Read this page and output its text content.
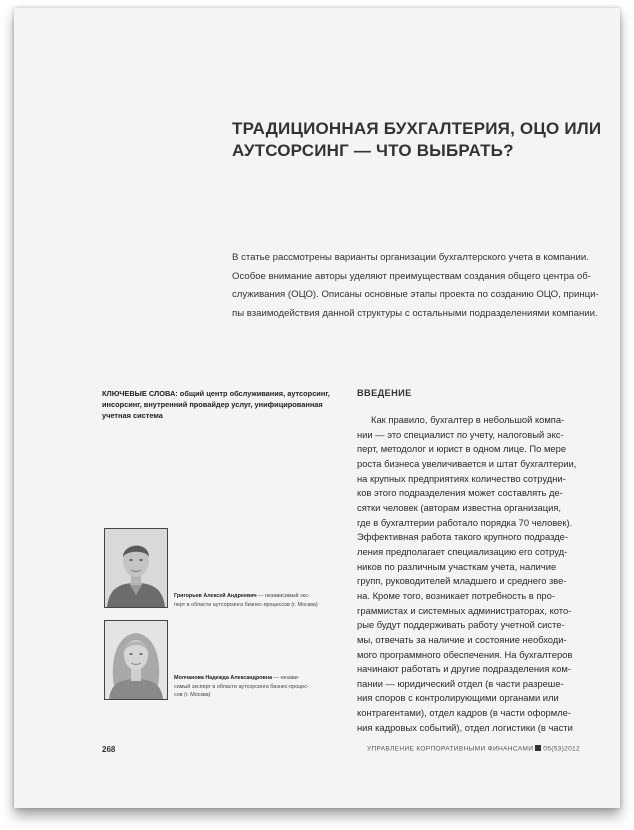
ТРАДИЦИОННАЯ БУХГАЛТЕРИЯ, ОЦО ИЛИ
АУТСОРСИНГ — ЧТО ВЫБРАТЬ?
В статье рассмотрены варианты организации бухгалтерского учета в компании.
Особое внимание авторы уделяют преимуществам создания общего центра об-
служивания (ОЦО). Описаны основные этапы проекта по созданию ОЦО, принци-
пы взаимодействия данной структуры с остальными подразделениями компании.
КЛЮЧЕВЫЕ СЛОВА: общий центр обслуживания, аутсорсинг,
инсорсинг, внутренний провайдер услуг, унифицированная
учетная система
ВВЕДЕНИЕ
Как правило, бухгалтер в небольшой компа-
нии — это специалист по учету, налоговый экс-
перт, методолог и юрист в одном лице. По мере
роста бизнеса увеличивается и штат бухгалтерии,
на крупных предприятиях количество сотрудни-
ков этого подразделения может составлять де-
сятки человек (авторам известна организация,
где в бухгалтерии работало порядка 70 человек).
Эффективная работа такого крупного подразде-
ления предполагает специализацию его сотруд-
ников по различным участкам учета, наличие
групп, руководителей младшего и среднего зве-
на. Кроме того, возникает потребность в про-
граммистах и системных администраторах, кото-
рые будут поддерживать работу учетной систе-
мы, отвечать за наличие и состояние необходи-
мого программного обеспечения. На бухгалтеров
начинают работать и другие подразделения ком-
пании — юридический отдел (в части разреше-
ния споров с контролирующими органами или
контрагентами), отдел кадров (в части оформле-
ния кадровых событий), отдел логистики (в части
Григорьев Алексей Андреевич — независимый экс-
перт в области аутсорсинга бизнес-процессов (г. Москва)
Молчанова Надежда Александровна — незави-
симый эксперт в области аутсорсинга бизнес-процес-
сов (г. Москва)
268	УПРАВЛЕНИЕ КОРПОРАТИВНЫМИ ФИНАНСАМИ 05(53)2012
